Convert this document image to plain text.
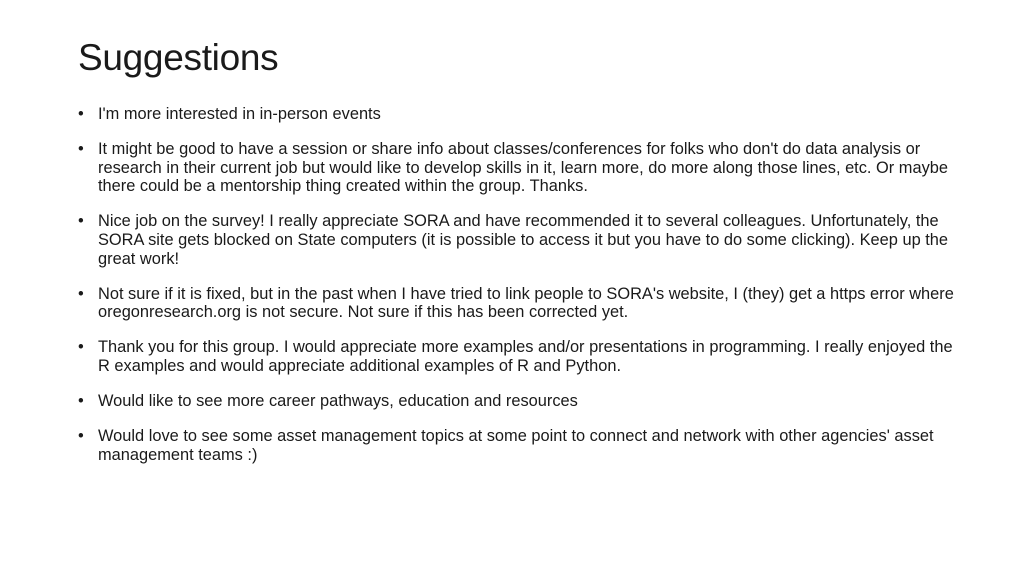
Suggestions
• I'm more interested in in-person events
• It might be good to have a session or share info about classes/conferences for folks who don't do data analysis or research in their current job but would like to develop skills in it, learn more, do more along those lines, etc. Or maybe there could be a mentorship thing created within the group. Thanks.
• Nice job on the survey! I really appreciate SORA and have recommended it to several colleagues. Unfortunately, the SORA site gets blocked on State computers (it is possible to access it but you have to do some clicking). Keep up the great work!
• Not sure if it is fixed, but in the past when I have tried to link people to SORA's website, I (they) get a https error where oregonresearch.org is not secure. Not sure if this has been corrected yet.
• Thank you for this group. I would appreciate more examples and/or presentations in programming. I really enjoyed the R examples and would appreciate additional examples of R and Python.
• Would like to see more career pathways, education and resources
• Would love to see some asset management topics at some point to connect and network with other agencies' asset management teams :)
